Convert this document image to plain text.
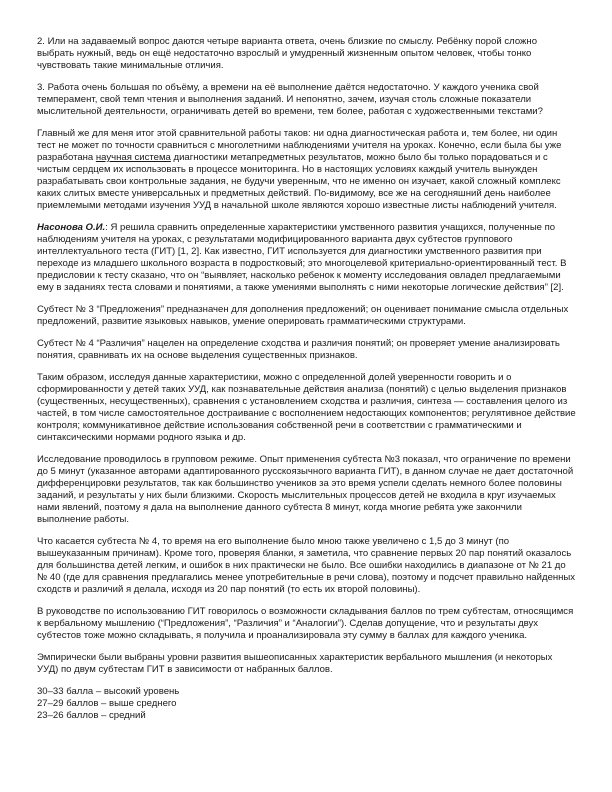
2. Или на задаваемый вопрос даются четыре варианта ответа, очень близкие по смыслу. Ребёнку порой сложно выбрать нужный, ведь он ещё недостаточно взрослый и умудренный жизненным опытом человек, чтобы тонко чувствовать такие минимальные отличия.

3. Работа очень большая по объёму, а времени на её выполнение даётся недостаточно. У каждого ученика свой темперамент, свой темп чтения и выполнения заданий. И непонятно, зачем, изучая столь сложные показатели мыслительной деятельности, ограничивать детей во времени, тем более, работая с художественными текстами?

Главный же для меня итог этой сравнительной работы таков: ни одна диагностическая работа и, тем более, ни один тест не может по точности сравниться с многолетними наблюдениями учителя на уроках. Конечно, если была бы уже разработана научная система диагностики метапредметных результатов, можно было бы только порадоваться и с чистым сердцем их использовать в процессе мониторинга. Но в настоящих условиях каждый учитель вынужден разрабатывать свои контрольные задания, не будучи уверенным, что не именно он изучает, какой сложный комплекс каких слитых вместе универсальных и предметных действий. По-видимому, все же на сегодняшний день наиболее приемлемыми методами изучения УУД в начальной школе являются хорошо известные листы наблюдений учителя.

Насонова О.И.: Я решила сравнить определенные характеристики умственного развития учащихся, полученные по наблюдениям учителя на уроках, с результатами модифицированного варианта двух субтестов группового интеллектуального теста (ГИТ) [1, 2]. Как известно, ГИТ используется для диагностики умственного развития при переходе из младшего школьного возраста в подростковый; это многоцелевой критериально-ориентированный тест. В предисловии к тесту сказано, что он “выявляет, насколько ребенок к моменту исследования овладел предлагаемыми ему в заданиях теста словами и понятиями, а также умениями выполнять с ними некоторые логические действия” [2].

Субтест № 3 “Предложения” предназначен для дополнения предложений; он оценивает понимание смысла отдельных предложений, развитие языковых навыков, умение оперировать грамматическими структурами.

Субтест № 4 “Различия” нацелен на определение сходства и различия понятий; он проверяет умение анализировать понятия, сравнивать их на основе выделения существенных признаков.

Таким образом, исследуя данные характеристики, можно с определенной долей уверенности говорить и о сформированности у детей таких УУД, как познавательные действия анализа (понятий) с целью выделения признаков (существенных, несущественных), сравнения с установлением сходства и различия, синтеза — составления целого из частей, в том числе самостоятельное достраивание с восполнением недостающих компонентов; регулятивное действие контроля; коммуникативное действие использования собственной речи в соответствии с грамматическими и синтаксическими нормами родного языка и др.

Исследование проводилось в групповом режиме. Опыт применения субтеста №3 показал, что ограничение по времени до 5 минут (указанное авторами адаптированного русскоязычного варианта ГИТ), в данном случае не дает достаточной дифференцировки результатов, так как большинство учеников за это время успели сделать немного более половины заданий, и результаты у них были близкими. Скорость мыслительных процессов детей не входила в круг изучаемых нами явлений, поэтому я дала на выполнение данного субтеста 8 минут, когда многие ребята уже закончили выполнение работы.

Что касается субтеста № 4, то время на его выполнение было мною также увеличено с 1,5 до 3 минут (по вышеуказанным причинам). Кроме того, проверяя бланки, я заметила, что сравнение первых 20 пар понятий оказалось для большинства детей легким, и ошибок в них практически не было. Все ошибки находились в диапазоне от № 21 до № 40 (где для сравнения предлагались менее употребительные в речи слова), поэтому и подсчет правильно найденных сходств и различий я делала, исходя из 20 пар понятий (то есть их второй половины).

В руководстве по использованию ГИТ говорилось о возможности складывания баллов по трем субтестам, относящимся к вербальному мышлению (“Предложения”, “Различия” и “Аналогии”). Сделав допущение, что и результаты двух субтестов тоже можно складывать, я получила и проанализировала эту сумму в баллах для каждого ученика.

Эмпирически были выбраны уровни развития вышеописанных характеристик вербального мышления (и некоторых УУД) по двум субтестам ГИТ в зависимости от набранных баллов.

30–33 балла – высокий уровень

27–29 баллов – выше среднего

23–26 баллов – средний
